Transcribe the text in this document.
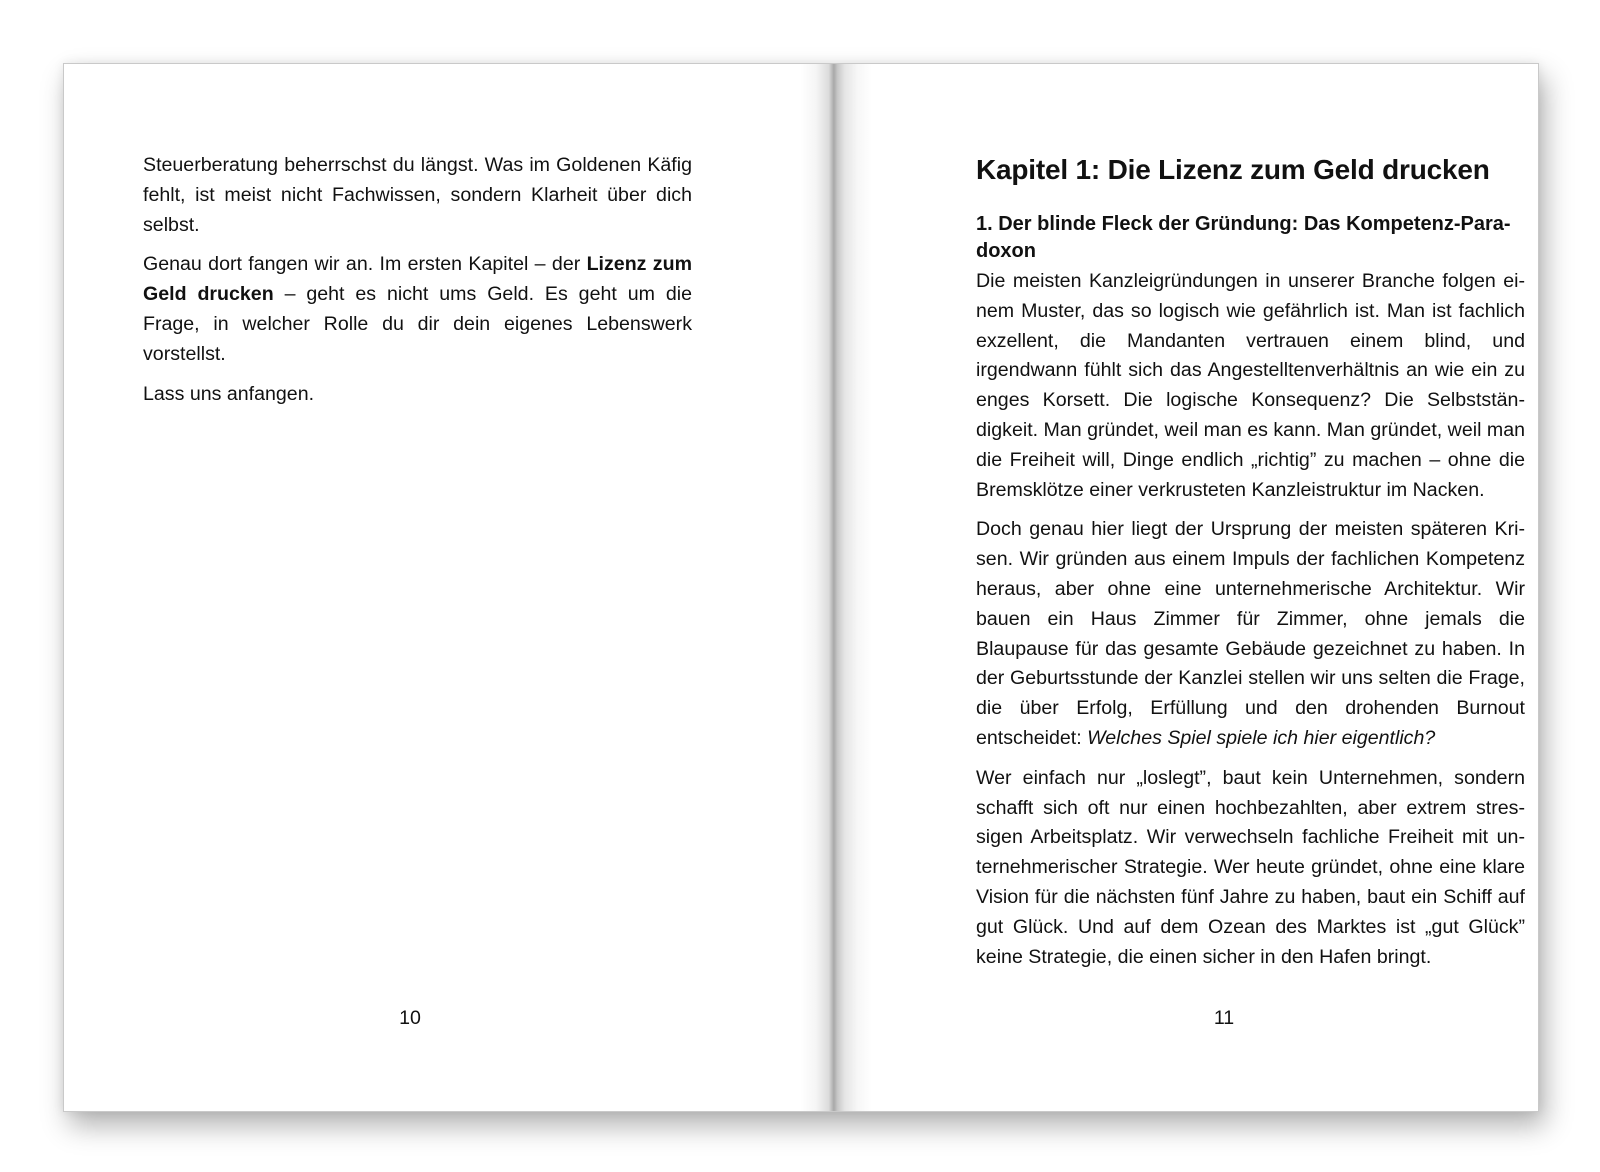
Steuerberatung beherrschst du längst. Was im Goldenen Käfig fehlt, ist meist nicht Fachwissen, sondern Klarheit über dich selbst.

Genau dort fangen wir an. Im ersten Kapitel – der Lizenz zum Geld drucken – geht es nicht ums Geld. Es geht um die Frage, in welcher Rolle du dir dein eigenes Lebenswerk vorstellst.

Lass uns anfangen.

10
Kapitel 1: Die Lizenz zum Geld drucken
1. Der blinde Fleck der Gründung: Das Kompetenz-Paradoxon

Die meisten Kanzleigründungen in unserer Branche folgen einem Muster, das so logisch wie gefährlich ist. Man ist fachlich exzellent, die Mandanten vertrauen einem blind, und irgendwann fühlt sich das Angestelltenverhältnis an wie ein zu enges Korsett. Die logische Konsequenz? Die Selbstständigkeit. Man gründet, weil man es kann. Man gründet, weil man die Freiheit will, Dinge endlich „richtig” zu machen – ohne die Bremsklötze einer verkrusteten Kanzleistruktur im Nacken.

Doch genau hier liegt der Ursprung der meisten späteren Krisen. Wir gründen aus einem Impuls der fachlichen Kompetenz heraus, aber ohne eine unternehmerische Architektur. Wir bauen ein Haus Zimmer für Zimmer, ohne jemals die Blaupause für das gesamte Gebäude gezeichnet zu haben. In der Geburtsstunde der Kanzlei stellen wir uns selten die Frage, die über Erfolg, Erfüllung und den drohenden Burnout entscheidet: Welches Spiel spiele ich hier eigentlich?

Wer einfach nur „loslegt”, baut kein Unternehmen, sondern schafft sich oft nur einen hochbezahlten, aber extrem stressigen Arbeitsplatz. Wir verwechseln fachliche Freiheit mit unternehmerischer Strategie. Wer heute gründet, ohne eine klare Vision für die nächsten fünf Jahre zu haben, baut ein Schiff auf gut Glück. Und auf dem Ozean des Marktes ist „gut Glück” keine Strategie, die einen sicher in den Hafen bringt.

11
